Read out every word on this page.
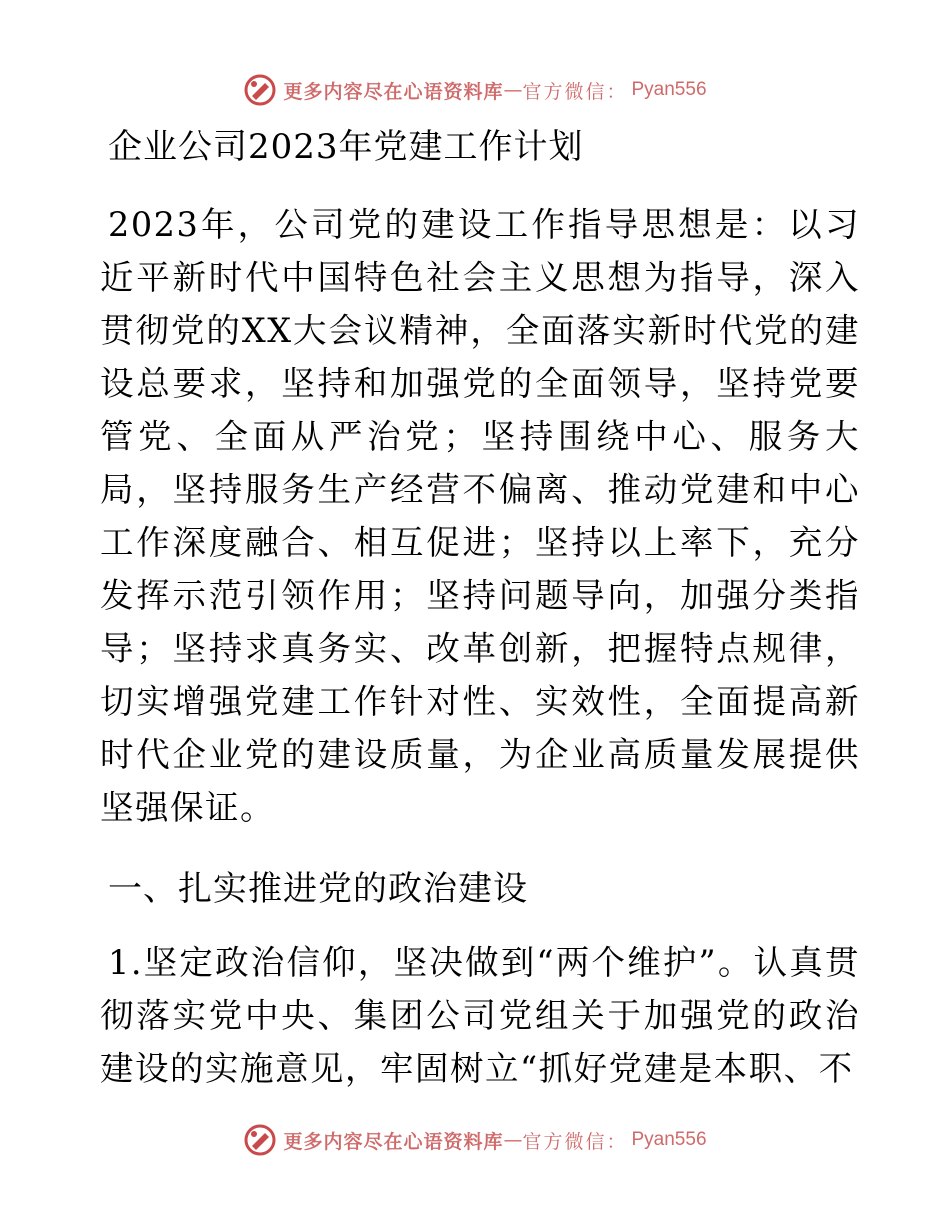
更多内容尽在心语资料库 — 官方微信： Pyan556
企业公司2023年党建工作计划

2023年，公司党的建设工作指导思想是：以习近平新时代中国特色社会主义思想为指导，深入贯彻党的XX大会议精神，全面落实新时代党的建设总要求，坚持和加强党的全面领导，坚持党要管党、全面从严治党；坚持围绕中心、服务大局，坚持服务生产经营不偏离、推动党建和中心工作深度融合、相互促进；坚持以上率下，充分发挥示范引领作用；坚持问题导向，加强分类指导；坚持求真务实、改革创新，把握特点规律，切实增强党建工作针对性、实效性，全面提高新时代企业党的建设质量，为企业高质量发展提供坚强保证。

一、扎实推进党的政治建设

1.坚定政治信仰，坚决做到“两个维护”。认真贯彻落实党中央、集团公司党组关于加强党的政治建设的实施意见，牢固树立“抓好党建是本职、不

更多内容尽在心语资料库 — 官方微信： Pyan556
